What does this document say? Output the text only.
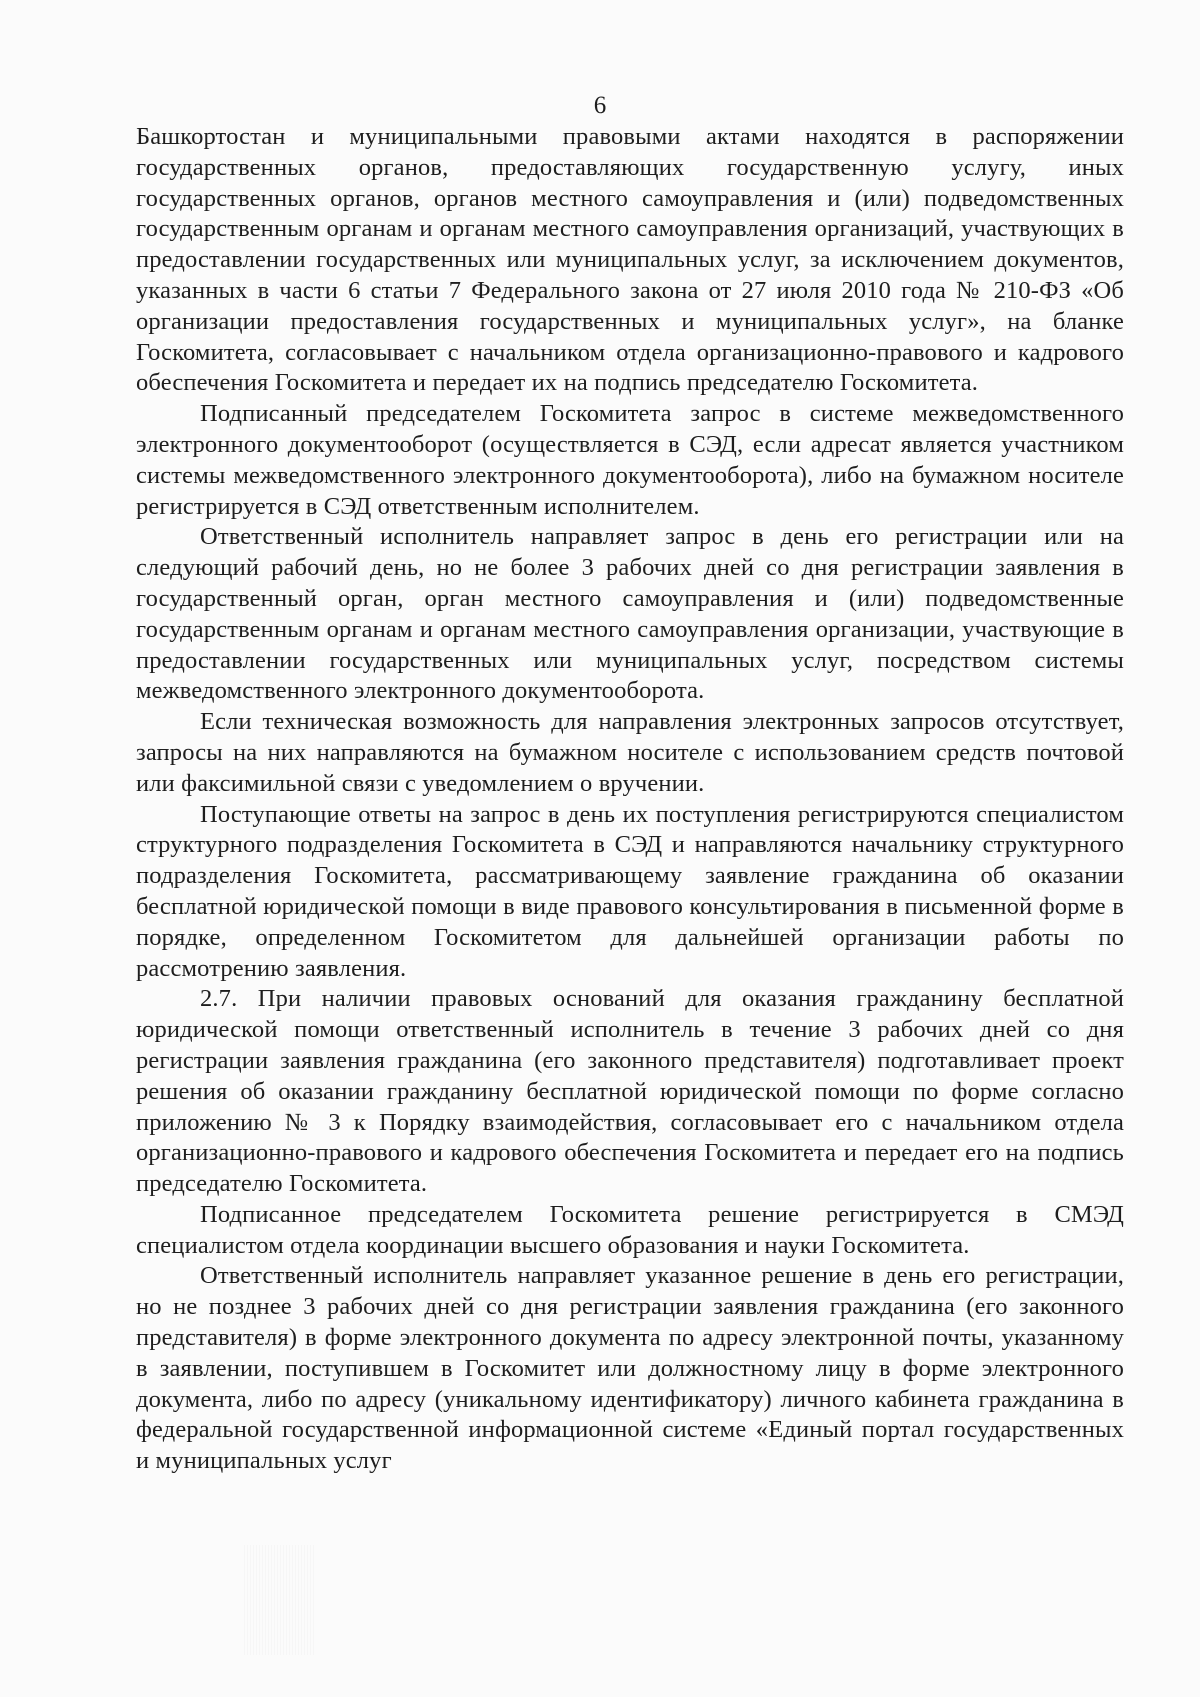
6

Башкортостан и муниципальными правовыми актами находятся в распоряжении государственных органов, предоставляющих государственную услугу, иных государственных органов, органов местного самоуправления и (или) подведомственных государственным органам и органам местного самоуправления организаций, участвующих в предоставлении государственных или муниципальных услуг, за исключением документов, указанных в части 6 статьи 7 Федерального закона от 27 июля 2010 года № 210-ФЗ «Об организации предоставления государственных и муниципальных услуг», на бланке Госкомитета, согласовывает с начальником отдела организационно-правового и кадрового обеспечения Госкомитета и передает их на подпись председателю Госкомитета.

Подписанный председателем Госкомитета запрос в системе межведомственного электронного документооборот (осуществляется в СЭД, если адресат является участником системы межведомственного электронного документооборота), либо на бумажном носителе регистрируется в СЭД ответственным исполнителем.

Ответственный исполнитель направляет запрос в день его регистрации или на следующий рабочий день, но не более 3 рабочих дней со дня регистрации заявления в государственный орган, орган местного самоуправления и (или) подведомственные государственным органам и органам местного самоуправления организации, участвующие в предоставлении государственных или муниципальных услуг, посредством системы межведомственного электронного документооборота.

Если техническая возможность для направления электронных запросов отсутствует, запросы на них направляются на бумажном носителе с использованием средств почтовой или факсимильной связи с уведомлением о вручении.

Поступающие ответы на запрос в день их поступления регистрируются специалистом структурного подразделения Госкомитета в СЭД и направляются начальнику структурного подразделения Госкомитета, рассматривающему заявление гражданина об оказании бесплатной юридической помощи в виде правового консультирования в письменной форме в порядке, определенном Госкомитетом для дальнейшей организации работы по рассмотрению заявления.

2.7. При наличии правовых оснований для оказания гражданину бесплатной юридической помощи ответственный исполнитель в течение 3 рабочих дней со дня регистрации заявления гражданина (его законного представителя) подготавливает проект решения об оказании гражданину бесплатной юридической помощи по форме согласно приложению № 3 к Порядку взаимодействия, согласовывает его с начальником отдела организационно-правового и кадрового обеспечения Госкомитета и передает его на подпись председателю Госкомитета.

Подписанное председателем Госкомитета решение регистрируется в СМЭД специалистом отдела координации высшего образования и науки Госкомитета.

Ответственный исполнитель направляет указанное решение в день его регистрации, но не позднее 3 рабочих дней со дня регистрации заявления гражданина (его законного представителя) в форме электронного документа по адресу электронной почты, указанному в заявлении, поступившем в Госкомитет или должностному лицу в форме электронного документа, либо по адресу (уникальному идентификатору) личного кабинета гражданина в федеральной государственной информационной системе «Единый портал государственных и муниципальных услуг
